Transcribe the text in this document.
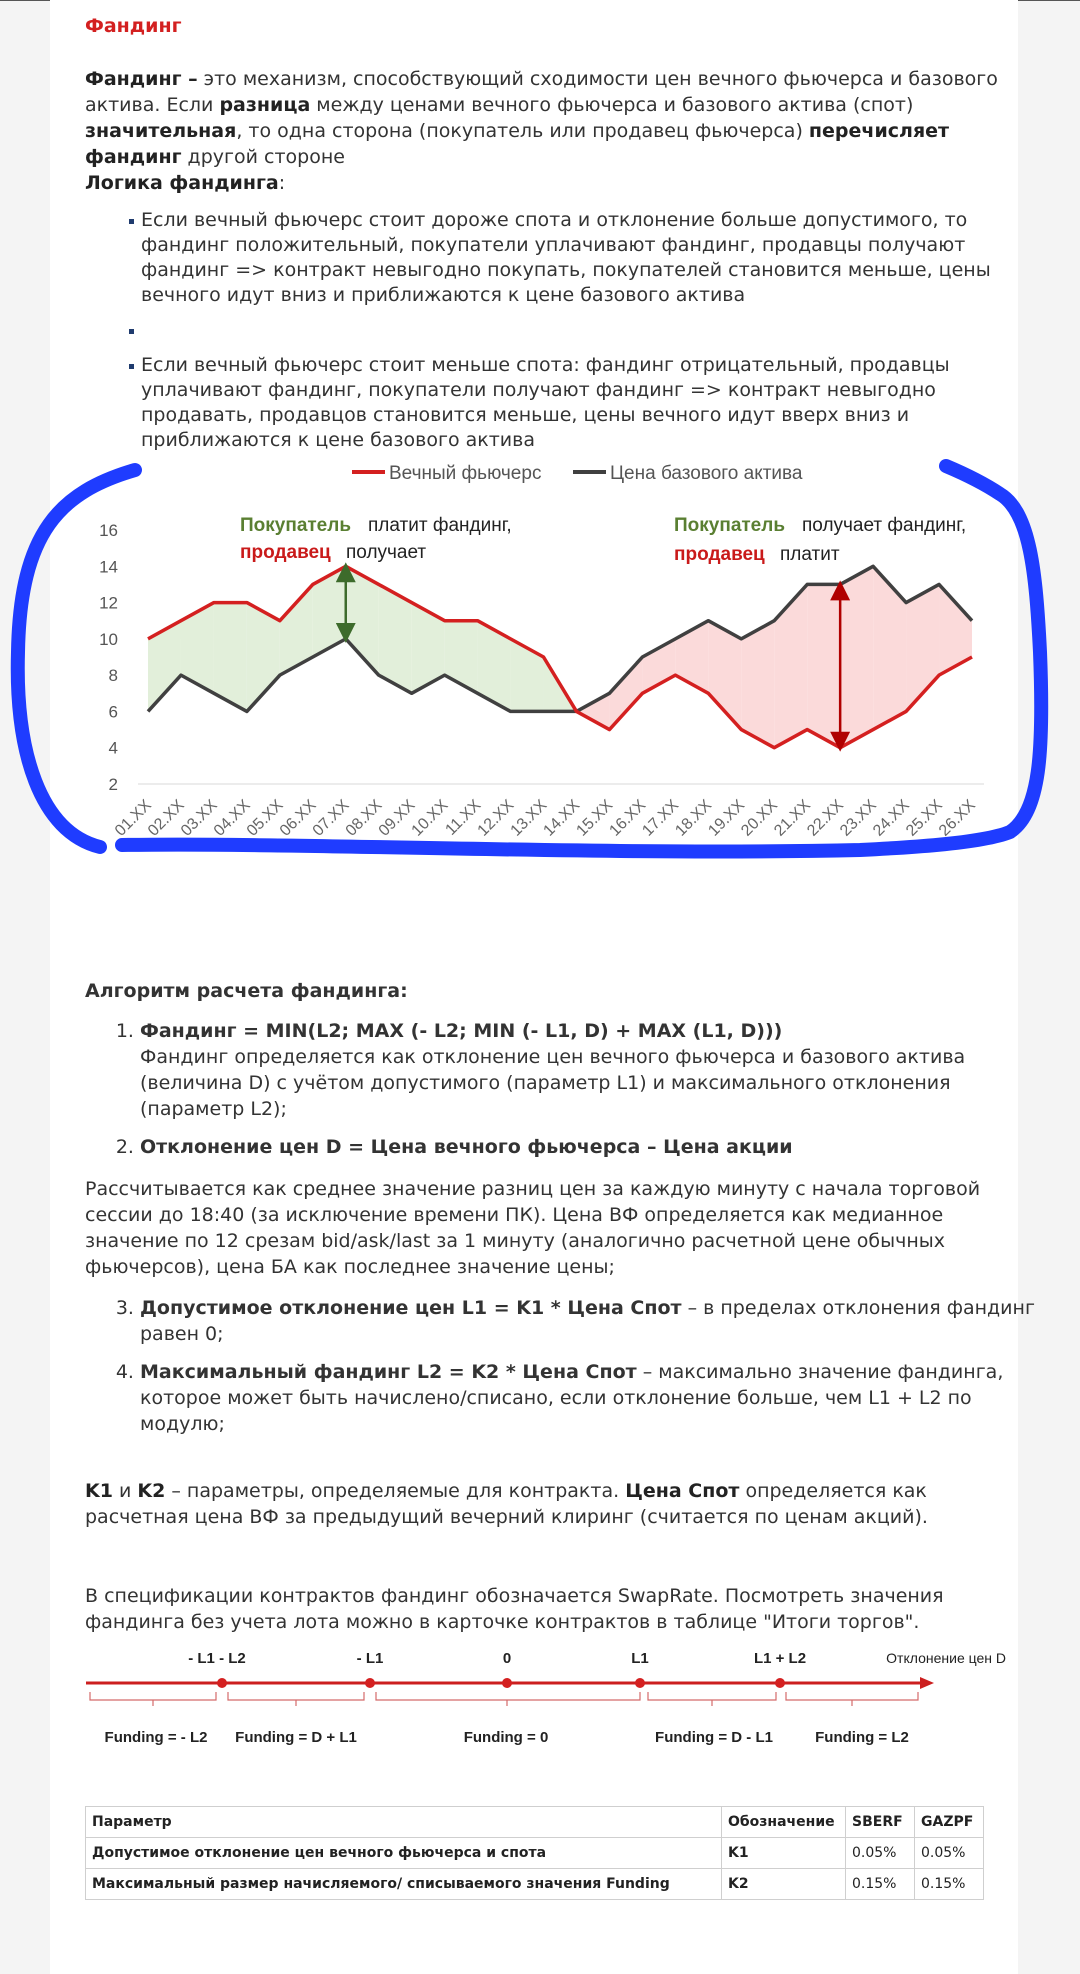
Фандинг
Фандинг – это механизм, способствующий сходимости цен вечного фьючерса и базового актива. Если разница между ценами вечного фьючерса и базового актива (спот) значительная, то одна сторона (покупатель или продавец фьючерса) перечисляет фандинг другой стороне
Логика фандинга:
Если вечный фьючерс стоит дороже спота и отклонение больше допустимого, то фандинг положительный, покупатели уплачивают фандинг, продавцы получают фандинг => контракт невыгодно покупать, покупателей становится меньше, цены вечного идут вниз и приближаются к цене базового актива
Если вечный фьючерс стоит меньше спота: фандинг отрицательный, продавцы уплачивают фандинг, покупатели получают фандинг => контракт невыгодно продавать, продавцов становится меньше, цены вечного идут вверх вниз и приближаются к цене базового актива
2
4
6
8
10
12
14
16
01.XX
02.XX
03.XX
04.XX
05.XX
06.XX
07.XX
08.XX
09.XX
10.XX
11.XX
12.XX
13.XX
14.XX
15.XX
16.XX
17.XX
18.XX
19.XX
20.XX
21.XX
22.XX
23.XX
24.XX
25.XX
26.XX
Вечный фьючерс	Цена базового актива
Покупатель платит фандинг,
продавец получает
Покупатель получает фандинг,
продавец платит
Алгоритм расчета фандинга:
1. Фандинг = MIN(L2; MAX (- L2; MIN (- L1, D) + MAX (L1, D)))
Фандинг определяется как отклонение цен вечного фьючерса и базового актива (величина D) с учётом допустимого (параметр L1) и максимального отклонения (параметр L2);
2. Отклонение цен D = Цена вечного фьючерса – Цена акции
Рассчитывается как среднее значение разниц цен за каждую минуту с начала торговой сессии до 18:40 (за исключение времени ПК). Цена ВФ определяется как медианное значение по 12 срезам bid/ask/last за 1 минуту (аналогично расчетной цене обычных фьючерсов), цена БА как последнее значение цены;
3. Допустимое отклонение цен L1 = K1 * Цена Спот – в пределах отклонения фандинг равен 0;
4. Максимальный фандинг L2 = K2 * Цена Спот – максимально значение фандинга, которое может быть начислено/списано, если отклонение больше, чем L1 + L2 по модулю;
K1 и K2 – параметры, определяемые для контракта. Цена Спот определяется как расчетная цена ВФ за предыдущий вечерний клиринг (считается по ценам акций).
В спецификации контрактов фандинг обозначается SwapRate. Посмотреть значения фандинга без учета лота можно в карточке контрактов в таблице "Итоги торгов".
Отклонение цен D
- L1 - L2	- L1	0	L1	L1 + L2
Funding = - L2 Funding = D + L1	Funding = 0	Funding = D - L1	Funding = L2
Параметр	Обозначение	SBERF	GAZPF
Допустимое отклонение цен вечного фьючерса и спота	K1	0.05%	0.05%
Максимальный размер начисляемого/ списываемого значения Funding	K2	0.15%	0.15%
